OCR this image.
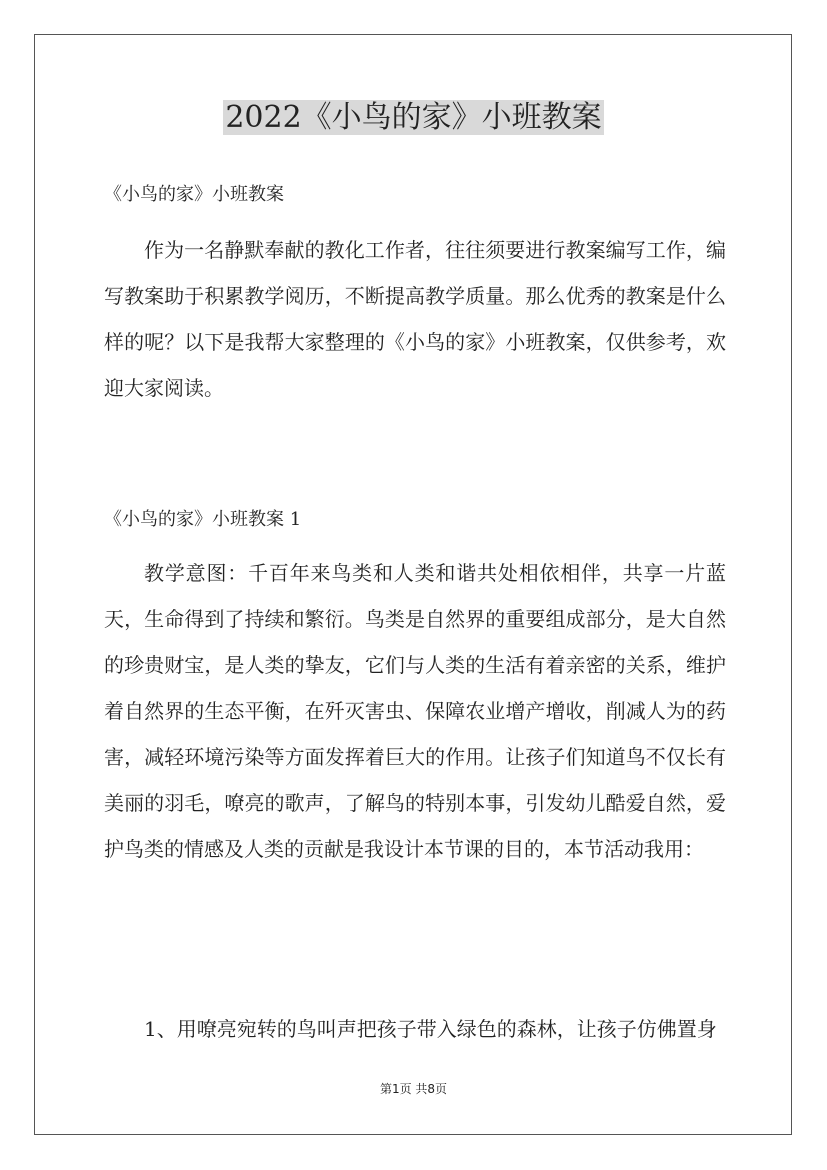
2022《小鸟的家》小班教案
《小鸟的家》小班教案

作为一名静默奉献的教化工作者，往往须要进行教案编写工作，编写教案助于积累教学阅历，不断提高教学质量。那么优秀的教案是什么样的呢？以下是我帮大家整理的《小鸟的家》小班教案，仅供参考，欢迎大家阅读。

《小鸟的家》小班教案 1

教学意图：千百年来鸟类和人类和谐共处相依相伴，共享一片蓝天，生命得到了持续和繁衍。鸟类是自然界的重要组成部分，是大自然的珍贵财宝，是人类的挚友，它们与人类的生活有着亲密的关系，维护着自然界的生态平衡，在歼灭害虫、保障农业增产增收，削减人为的药害，减轻环境污染等方面发挥着巨大的作用。让孩子们知道鸟不仅长有美丽的羽毛，嘹亮的歌声，了解鸟的特别本事，引发幼儿酷爱自然，爱护鸟类的情感及人类的贡献是我设计本节课的目的，本节活动我用：

1、用嘹亮宛转的鸟叫声把孩子带入绿色的森林，让孩子仿佛置身

第1页 共8页
